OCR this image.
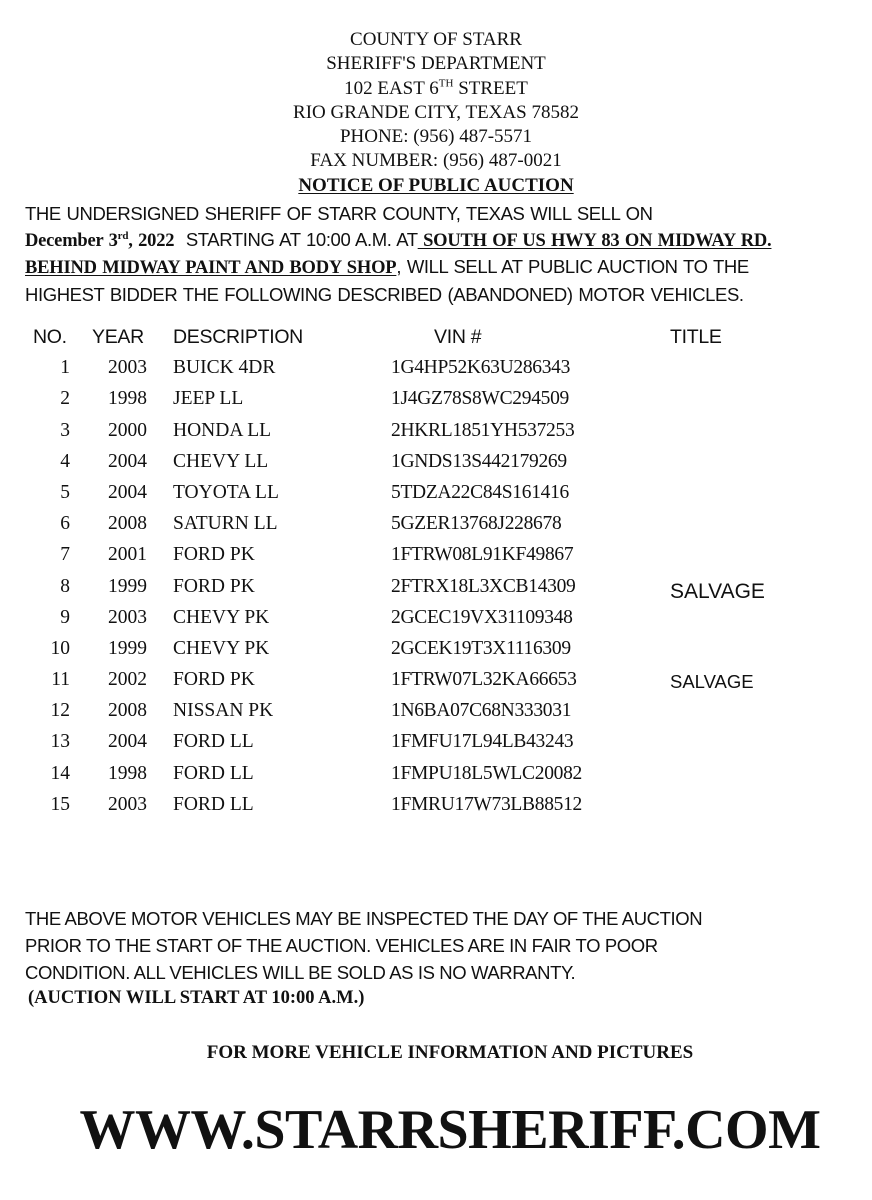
COUNTY OF STARR
SHERIFF'S DEPARTMENT
102 EAST 6TH STREET
RIO GRANDE CITY, TEXAS 78582
PHONE: (956) 487-5571
FAX NUMBER: (956) 487-0021
NOTICE OF PUBLIC AUCTION
THE UNDERSIGNED SHERIFF OF STARR COUNTY, TEXAS WILL SELL ON
December 3rd, 2022  STARTING AT 10:00 A.M. AT SOUTH OF US HWY 83 ON MIDWAY RD.
BEHIND MIDWAY PAINT AND BODY SHOP, WILL SELL AT PUBLIC AUCTION TO THE
HIGHEST BIDDER THE FOLLOWING DESCRIBED (ABANDONED) MOTOR VEHICLES.
NO. YEAR DESCRIPTION	VIN #	TITLE
1 2003 BUICK 4DR	1G4HP52K63U286343
2 1998 JEEP LL	1J4GZ78S8WC294509
3 2000 HONDA LL	2HKRL1851YH537253
4 2004 CHEVY LL	1GNDS13S442179269
5 2004 TOYOTA LL	5TDZA22C84S161416
6 2008 SATURN LL	5GZER13768J228678
7 2001 FORD PK	1FTRW08L91KF49867
8 1999 FORD PK	2FTRX18L3XCB14309	SALVAGE
9 2003 CHEVY PK	2GCEC19VX31109348
10 1999 CHEVY PK	2GCEK19T3X1116309
11 2002 FORD PK	1FTRW07L32KA66653	SALVAGE
12 2008 NISSAN PK	1N6BA07C68N333031
13 2004 FORD LL	1FMFU17L94LB43243
14 1998 FORD LL	1FMPU18L5WLC20082
15 2003 FORD LL	1FMRU17W73LB88512
THE ABOVE MOTOR VEHICLES MAY BE INSPECTED THE DAY OF THE AUCTION
PRIOR TO THE START OF THE AUCTION. VEHICLES ARE IN FAIR TO POOR
CONDITION. ALL VEHICLES WILL BE SOLD AS IS NO WARRANTY.
(AUCTION WILL START AT 10:00 A.M.)
FOR MORE VEHICLE INFORMATION AND PICTURES
WWW.STARRSHERIFF.COM
